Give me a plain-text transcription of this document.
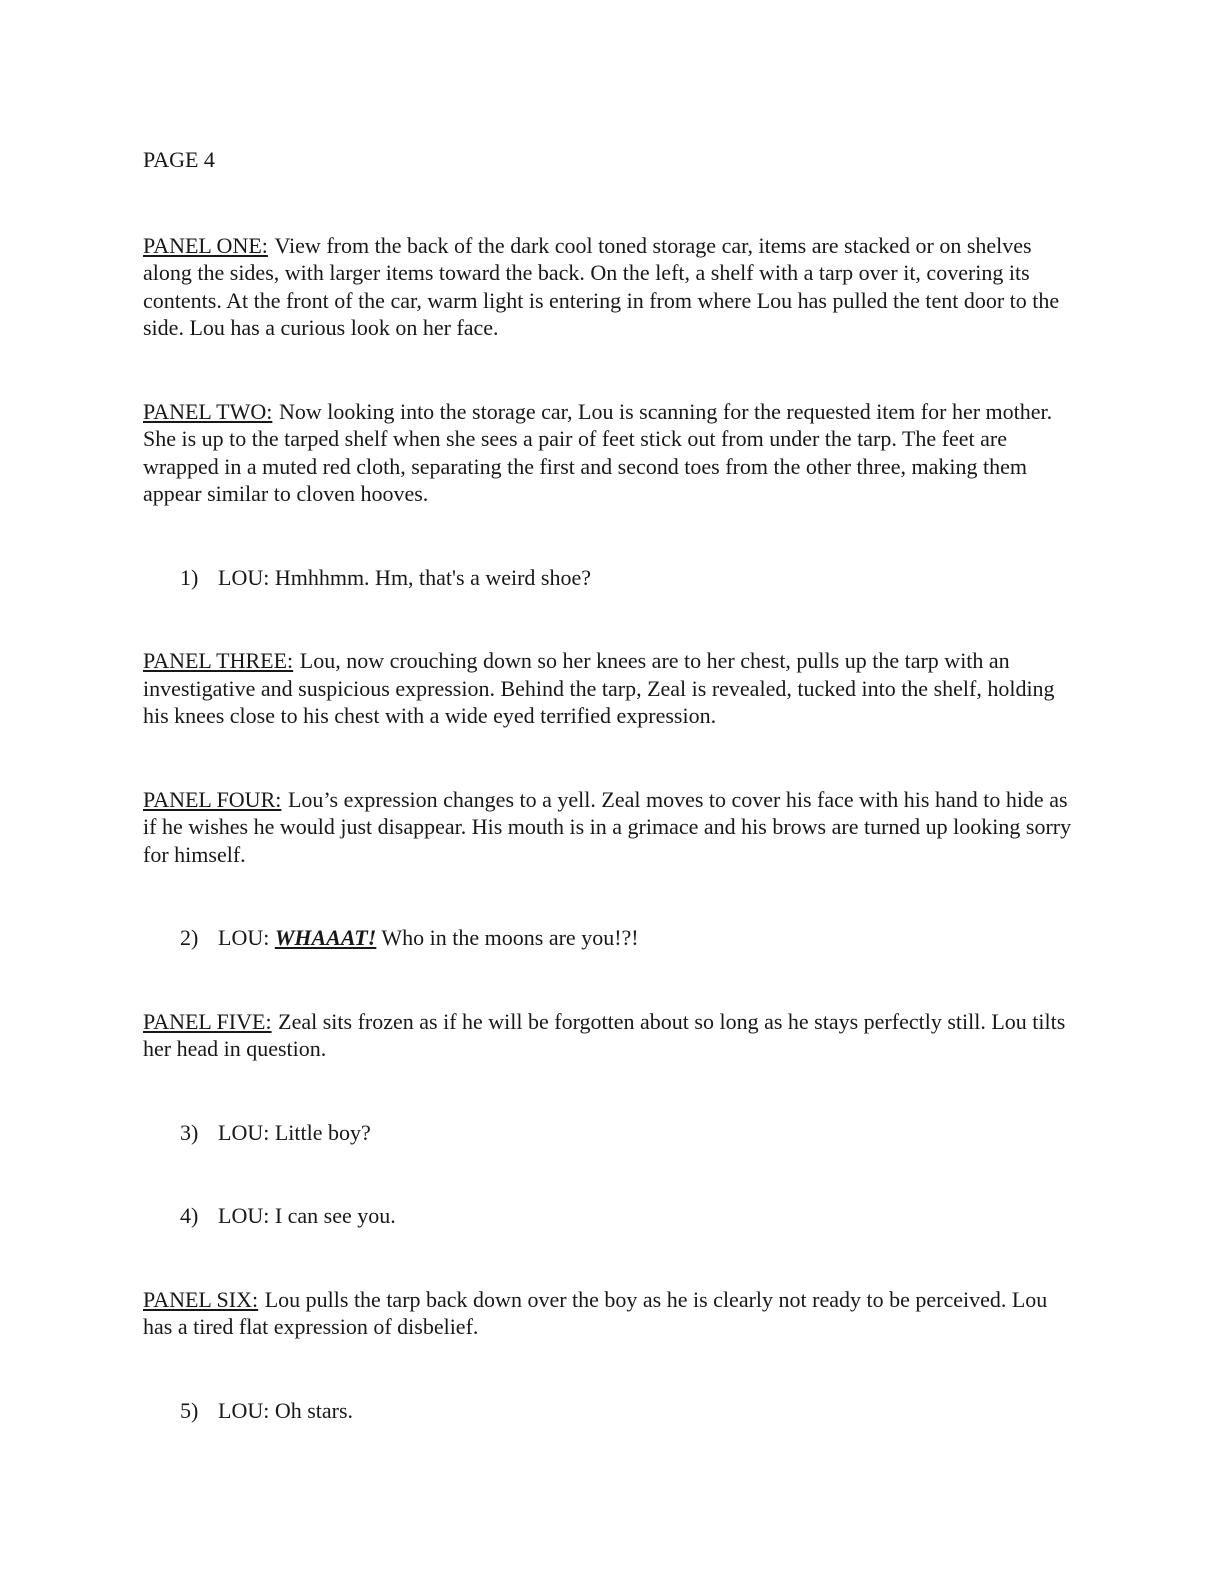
PAGE 4

PANEL ONE: View from the back of the dark cool toned storage car, items are stacked or on shelves along the sides, with larger items toward the back. On the left, a shelf with a tarp over it, covering its contents. At the front of the car, warm light is entering in from where Lou has pulled the tent door to the side. Lou has a curious look on her face.

PANEL TWO: Now looking into the storage car, Lou is scanning for the requested item for her mother. She is up to the tarped shelf when she sees a pair of feet stick out from under the tarp. The feet are wrapped in a muted red cloth, separating the first and second toes from the other three, making them appear similar to cloven hooves.

1) LOU: Hmhhmm. Hm, that's a weird shoe?

PANEL THREE: Lou, now crouching down so her knees are to her chest, pulls up the tarp with an investigative and suspicious expression. Behind the tarp, Zeal is revealed, tucked into the shelf, holding his knees close to his chest with a wide eyed terrified expression.

PANEL FOUR: Lou’s expression changes to a yell. Zeal moves to cover his face with his hand to hide as if he wishes he would just disappear. His mouth is in a grimace and his brows are turned up looking sorry for himself.

2) LOU: WHAAAT! Who in the moons are you!?!

PANEL FIVE: Zeal sits frozen as if he will be forgotten about so long as he stays perfectly still. Lou tilts her head in question.

3) LOU: Little boy?

4) LOU: I can see you.

PANEL SIX: Lou pulls the tarp back down over the boy as he is clearly not ready to be perceived. Lou has a tired flat expression of disbelief.

5) LOU: Oh stars.
